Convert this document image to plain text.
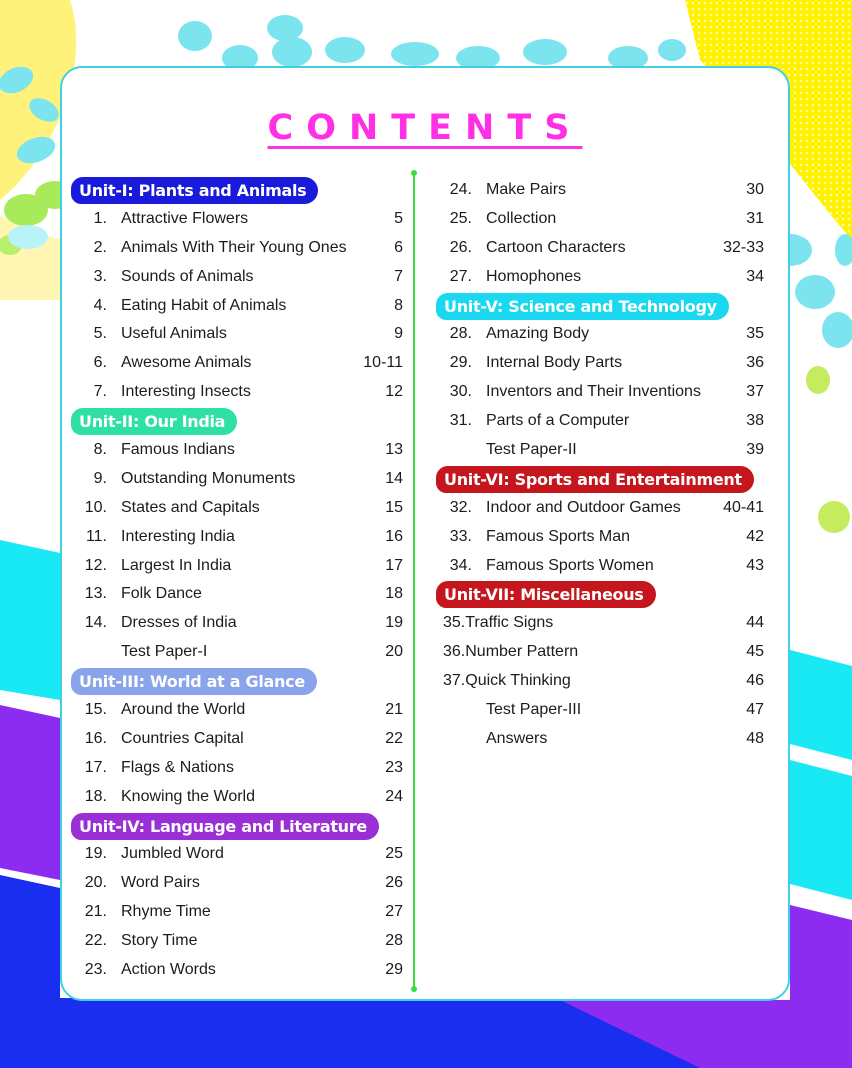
CONTENTS
Unit-I: Plants and Animals
1. Attractive Flowers	5
2. Animals With Their Young Ones	6
3. Sounds of Animals	7
4. Eating Habit of Animals	8
5. Useful Animals	9
6. Awesome Animals	10-11
7. Interesting Insects	12
Unit-II: Our India
8. Famous Indians	13
9. Outstanding Monuments	14
10. States and Capitals	15
11. Interesting India	16
12. Largest In India	17
13. Folk Dance	18
14. Dresses of India	19
Test Paper-I	20
Unit-III: World at a Glance
15. Around the World	21
16. Countries Capital	22
17. Flags & Nations	23
18. Knowing the World	24
Unit-IV: Language and Literature
19. Jumbled Word	25
20. Word Pairs	26
21. Rhyme Time	27
22. Story Time	28
23. Action Words	29
24. Make Pairs	30
25. Collection	31
26. Cartoon Characters	32-33
27. Homophones	34
Unit-V: Science and Technology
28. Amazing Body	35
29. Internal Body Parts	36
30. Inventors and Their Inventions	37
31. Parts of a Computer	38
Test Paper-II	39
Unit-VI: Sports and Entertainment
32. Indoor and Outdoor Games	40-41
33. Famous Sports Man	42
34. Famous Sports Women	43
Unit-VII: Miscellaneous
35.Traffic Signs	44
36.Number Pattern	45
37.Quick Thinking	46
Test Paper-III	47
Answers	48
